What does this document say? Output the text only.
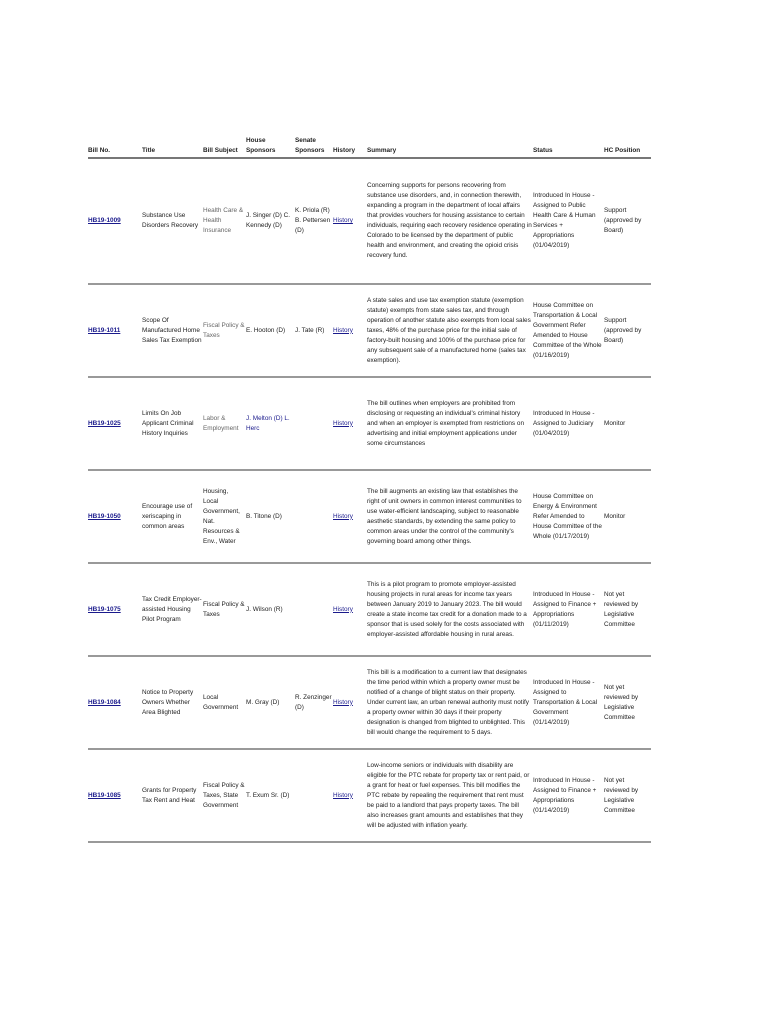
Bill No.	Title	Bill Subject	House Sponsors	Senate Sponsors	History	Summary	Status	HC Position
HB19-1009	Substance Use Disorders Recovery	Health Care & Health Insurance	J. Singer (D) C. Kennedy (D)	K. Priola (R) B. Pettersen (D)	History	Concerning supports for persons recovering from substance use disorders, and, in connection therewith, expanding a program in the department of local affairs that provides vouchers for housing assistance to certain individuals, requiring each recovery residence operating in Colorado to be licensed by the department of public health and environment, and creating the opioid crisis recovery fund.	Introduced In House - Assigned to Public Health Care & Human Services + Appropriations (01/04/2019)	Support (approved by Board)
HB19-1011	Scope Of Manufactured Home Sales Tax Exemption	Fiscal Policy & Taxes	E. Hooton (D)	J. Tate (R)	History	A state sales and use tax exemption statute (exemption statute) exempts from state sales tax, and through operation of another statute also exempts from local sales taxes, 48% of the purchase price for the initial sale of factory-built housing and 100% of the purchase price for any subsequent sale of a manufactured home (sales tax exemption).	House Committee on Transportation & Local Government Refer Amended to House Committee of the Whole (01/16/2019)	Support (approved by Board)
HB19-1025	Limits On Job Applicant Criminal History Inquiries	Labor & Employment	J. Melton (D) L. Herc		History	The bill outlines when employers are prohibited from disclosing or requesting an individual's criminal history and when an employer is exempted from restrictions on advertising and initial employment applications under some circumstances	Introduced In House - Assigned to Judiciary (01/04/2019)	Monitor
HB19-1050	Encourage use of xeriscaping in common areas	Housing, Local Government, Nat. Resources & Env., Water	B. Titone (D)		History	The bill augments an existing law that establishes the right of unit owners in common interest communities to use water-efficient landscaping, subject to reasonable aesthetic standards, by extending the same policy to common areas under the control of the community's governing board among other things.	House Committee on Energy & Environment Refer Amended to House Committee of the Whole (01/17/2019)	Monitor
HB19-1075	Tax Credit Employer-assisted Housing Pilot Program	Fiscal Policy & Taxes	J. Wilson (R)		History	This is a pilot program to promote employer-assisted housing projects in rural areas for income tax years between January 2019 to January 2023. The bill would create a state income tax credit for a donation made to a sponsor that is used solely for the costs associated with employer-assisted affordable housing in rural areas.	Introduced In House - Assigned to Finance + Appropriations (01/11/2019)	Not yet reviewed by Legislative Committee
HB19-1084	Notice to Property Owners Whether Area Blighted	Local Government	M. Gray (D)	R. Zenzinger (D)	History	This bill is a modification to a current law that designates the time period within which a property owner must be notified of a change of blight status on their property. Under current law, an urban renewal authority must notify a property owner within 30 days if their property designation is changed from blighted to unblighted. This bill would change the requirement to 5 days.	Introduced In House - Assigned to Transportation & Local Government (01/14/2019)	Not yet reviewed by Legislative Committee
HB19-1085	Grants for Property Tax Rent and Heat	Fiscal Policy & Taxes, State Government	T. Exum Sr. (D)		History	Low-income seniors or individuals with disability are eligible for the PTC rebate for property tax or rent paid, or a grant for heat or fuel expenses. This bill modifies the PTC rebate by repealing the requirement that rent must be paid to a landlord that pays property taxes. The bill also increases grant amounts and establishes that they will be adjusted with inflation yearly.	Introduced In House - Assigned to Finance + Appropriations (01/14/2019)	Not yet reviewed by Legislative Committee
